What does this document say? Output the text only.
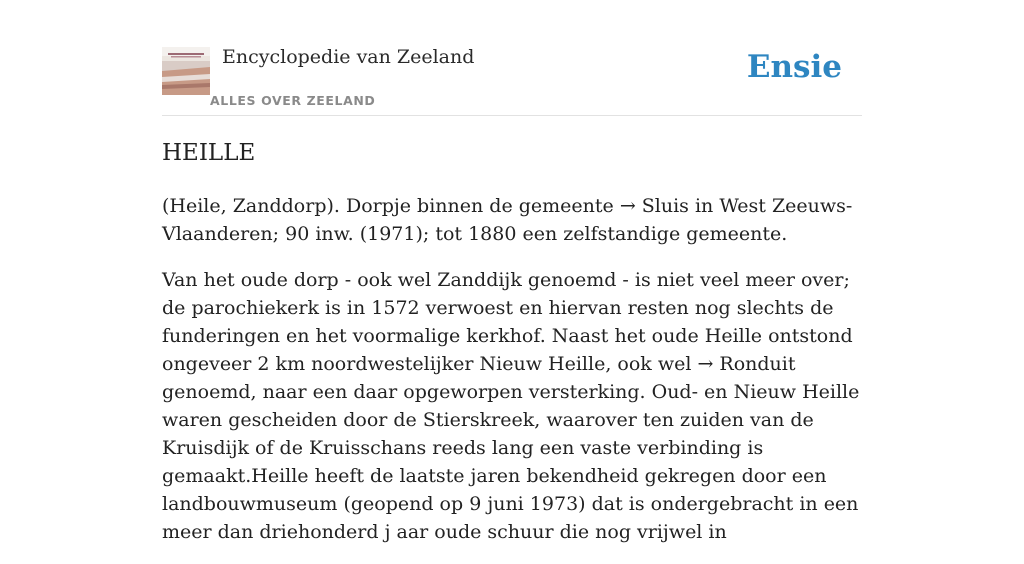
Encyclopedie van Zeeland
ALLES OVER ZEELAND
Ensie
HEILLE

(Heile, Zanddorp). Dorpje binnen de gemeente → Sluis in West Zeeuws-Vlaanderen; 90 inw. (1971); tot 1880 een zelfstandige gemeente.

Van het oude dorp - ook wel Zanddijk genoemd - is niet veel meer over; de parochiekerk is in 1572 verwoest en hiervan resten nog slechts de funderingen en het voormalige kerkhof. Naast het oude Heille ontstond ongeveer 2 km noordwestelijker Nieuw Heille, ook wel → Ronduit genoemd, naar een daar opgeworpen versterking. Oud- en Nieuw Heille waren gescheiden door de Stierskreek, waarover ten zuiden van de Kruisdijk of de Kruisschans reeds lang een vaste verbinding is gemaakt.Heille heeft de laatste jaren bekendheid gekregen door een landbouwmuseum (geopend op 9 juni 1973) dat is ondergebracht in een meer dan driehonderd j aar oude schuur die nog vrijwel in
